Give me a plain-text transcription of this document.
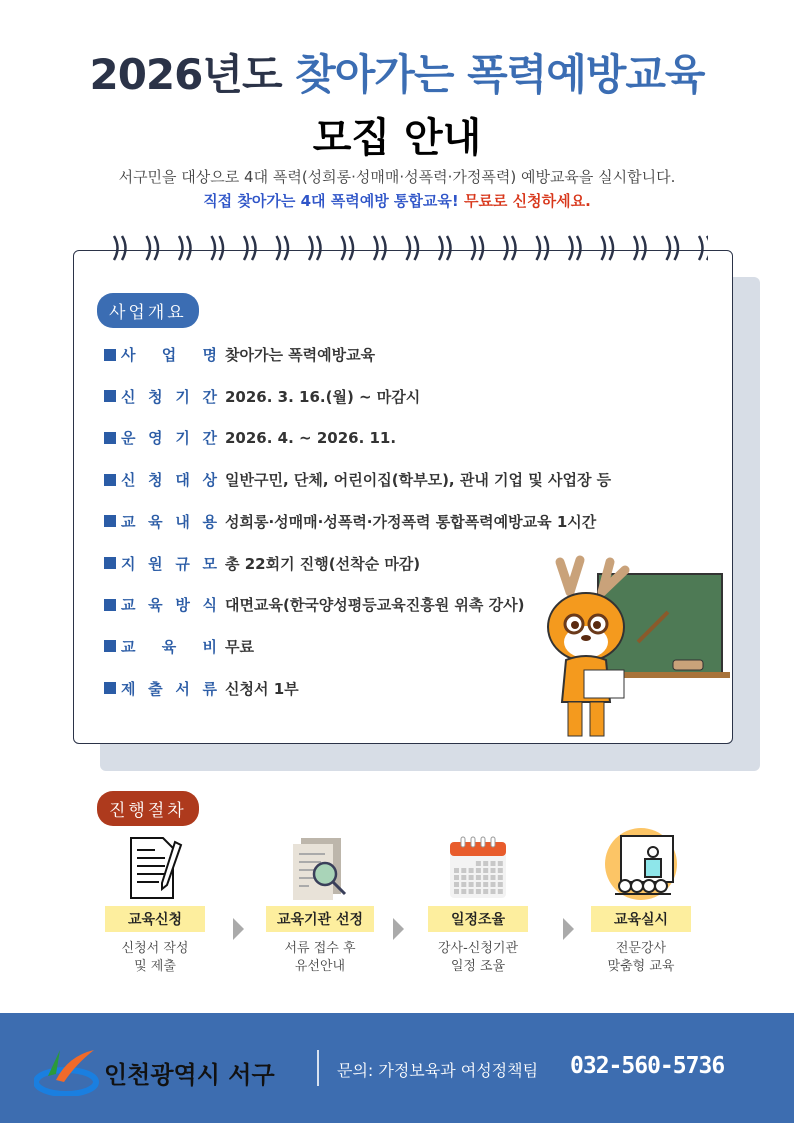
2026년도 찾아가는 폭력예방교육
모집 안내
서구민을 대상으로 4대 폭력(성희롱·성매매·성폭력·가정폭력) 예방교육을 실시합니다.
직접 찾아가는 4대 폭력예방 통합교육! 무료로 신청하세요.
사업개요
사 업 명 찾아가는 폭력예방교육
신 청 기 간 2026. 3. 16.(월) ~ 마감시
운 영 기 간 2026. 4. ~ 2026. 11.
신 청 대 상 일반구민, 단체, 어린이집(학부모), 관내 기업 및 사업장 등
교 육 내 용 성희롱·성매매·성폭력·가정폭력 통합폭력예방교육 1시간
지 원 규 모 총 22회기 진행(선착순 마감)
교 육 방 식 대면교육(한국양성평등교육진흥원 위촉 강사)
교 육 비 무료
제 출 서 류 신청서 1부
진행절차
교육신청
신청서 작성
및 제출
교육기관 선정
서류 접수 후
유선안내
일정조율
강사-신청기관
일정 조율
교육실시
전문강사
맞춤형 교육
인천광역시 서구	문의: 가정보육과 여성정책팀 032-560-5736
